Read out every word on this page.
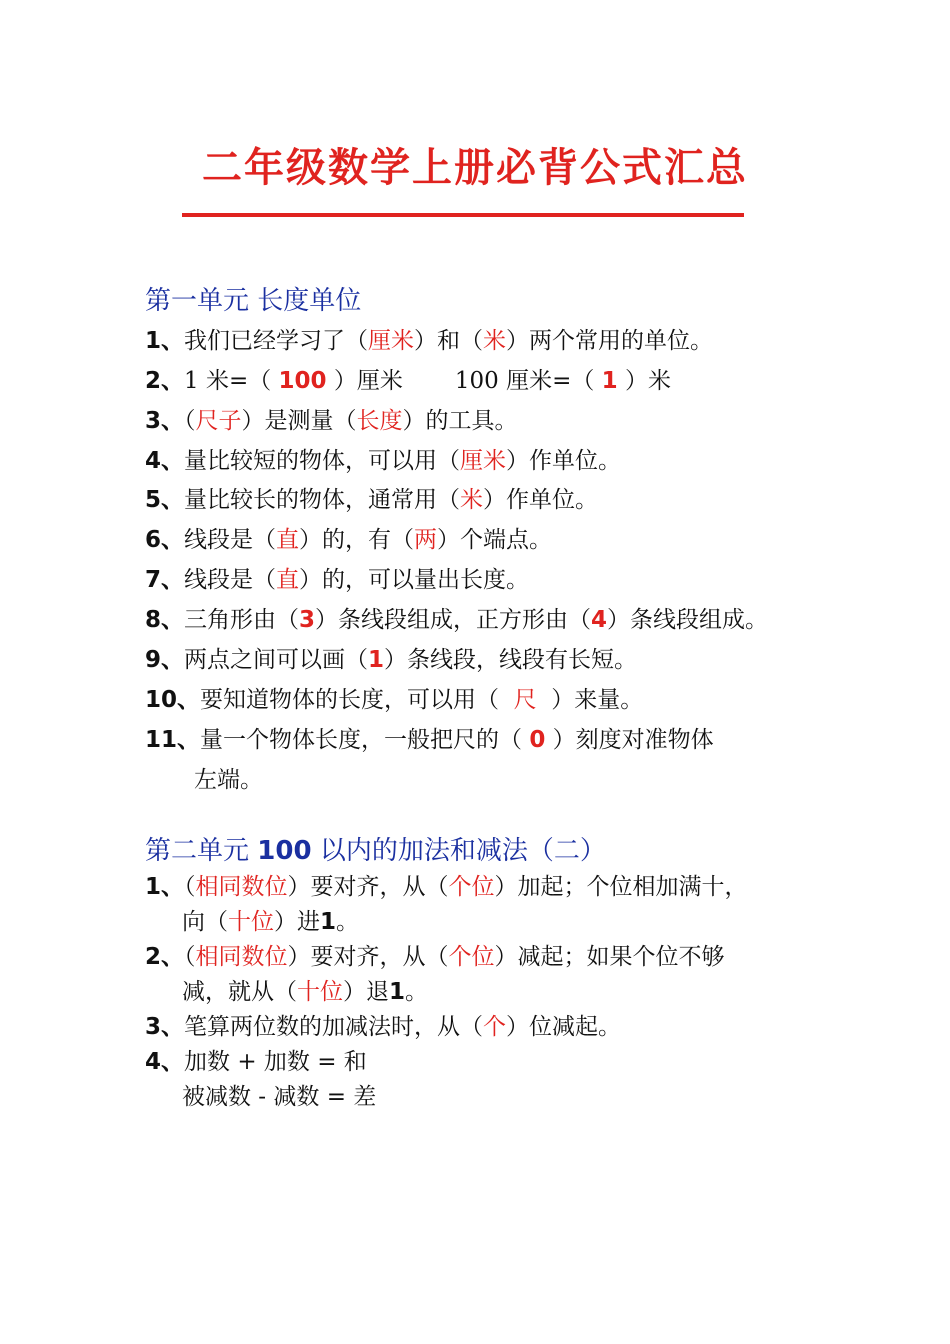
二年级数学上册必背公式汇总
第一单元 长度单位
1、我们已经学习了（厘米）和（米）两个常用的单位。
2、1 米=（ 100 ）厘米 100 厘米=（ 1 ）米
3、（尺子）是测量（长度）的工具。
4、量比较短的物体，可以用（厘米）作单位。
5、量比较长的物体，通常用（米）作单位。
6、线段是（直）的，有（两）个端点。
7、线段是（直）的，可以量出长度。
8、三角形由（3）条线段组成，正方形由（4）条线段组成。
9、两点之间可以画（1）条线段，线段有长短。
10、要知道物体的长度，可以用（ 尺 ）来量。
11、量一个物体长度，一般把尺的（ 0 ）刻度对准物体
左端。
第二单元 100 以内的加法和减法（二）
1、（相同数位）要对齐，从（个位）加起；个位相加满十，
向（十位）进1。
2、（相同数位）要对齐，从（个位）减起；如果个位不够
减，就从（十位）退1。
3、笔算两位数的加减法时，从（个）位减起。
4、加数 + 加数 = 和
被减数 - 减数 = 差
